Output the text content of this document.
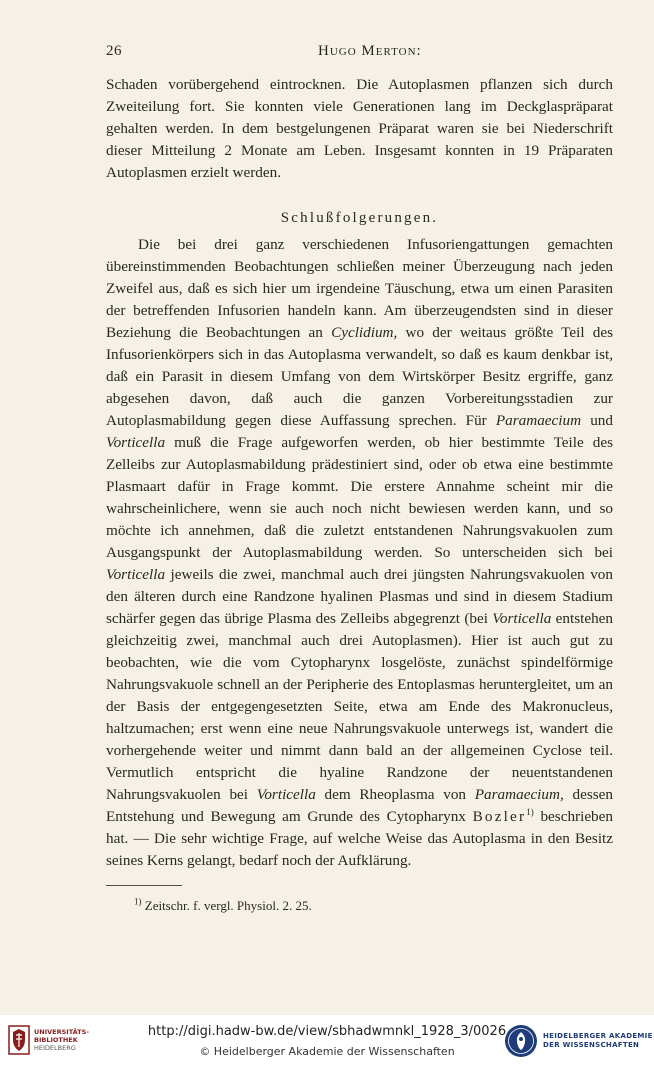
26	Hugo Merton:

Schaden vorübergehend eintrocknen. Die Autoplasmen pflanzen sich durch Zweiteilung fort. Sie konnten viele Generationen lang im Deckglaspräparat gehalten werden. In dem bestgelungenen Präparat waren sie bei Niederschrift dieser Mitteilung 2 Monate am Leben. Insgesamt konnten in 19 Präparaten Autoplasmen erzielt werden.

Schlußfolgerungen.

Die bei drei ganz verschiedenen Infusoriengattungen gemachten übereinstimmenden Beobachtungen schließen meiner Überzeugung nach jeden Zweifel aus, daß es sich hier um irgendeine Täuschung, etwa um einen Parasiten der betreffenden Infusorien handeln kann. Am überzeugendsten sind in dieser Beziehung die Beobachtungen an Cyclidium, wo der weitaus größte Teil des Infusorienkörpers sich in das Autoplasma verwandelt, so daß es kaum denkbar ist, daß ein Parasit in diesem Umfang von dem Wirtskörper Besitz ergriffe, ganz abgesehen davon, daß auch die ganzen Vorbereitungsstadien zur Autoplasmabildung gegen diese Auffassung sprechen. Für Paramaecium und Vorticella muß die Frage aufgeworfen werden, ob hier bestimmte Teile des Zelleibs zur Autoplasmabildung prädestiniert sind, oder ob etwa eine bestimmte Plasmaart dafür in Frage kommt. Die erstere Annahme scheint mir die wahrscheinlichere, wenn sie auch noch nicht bewiesen werden kann, und so möchte ich annehmen, daß die zuletzt entstandenen Nahrungsvakuolen zum Ausgangspunkt der Autoplasmabildung werden. So unterscheiden sich bei Vorticella jeweils die zwei, manchmal auch drei jüngsten Nahrungsvakuolen von den älteren durch eine Randzone hyalinen Plasmas und sind in diesem Stadium schärfer gegen das übrige Plasma des Zelleibs abgegrenzt (bei Vorticella entstehen gleichzeitig zwei, manchmal auch drei Autoplasmen). Hier ist auch gut zu beobachten, wie die vom Cytopharynx losgelöste, zunächst spindelförmige Nahrungsvakuole schnell an der Peripherie des Entoplasmas heruntergleitet, um an der Basis der entgegengesetzten Seite, etwa am Ende des Makronucleus, haltzumachen; erst wenn eine neue Nahrungsvakuole unterwegs ist, wandert die vorhergehende weiter und nimmt dann bald an der allgemeinen Cyclose teil. Vermutlich entspricht die hyaline Randzone der neuentstandenen Nahrungsvakuolen bei Vorticella dem Rheoplasma von Paramaecium, dessen Entstehung und Bewegung am Grunde des Cytopharynx Bozler$^{1)}$ beschrieben hat. — Die sehr wichtige Frage, auf welche Weise das Autoplasma in den Besitz seines Kerns gelangt, bedarf noch der Aufklärung.

$^{1)}$ Zeitschr. f. vergl. Physiol. 2. 25.
UNIVERSITÄTS-
BIBLIOTHEK
HEIDELBERG
http://digi.hadw-bw.de/view/sbhadwmnkl_1928_3/0026
© Heidelberger Akademie der Wissenschaften
HEIDELBERGER AKADEMIE
DER WISSENSCHAFTEN
